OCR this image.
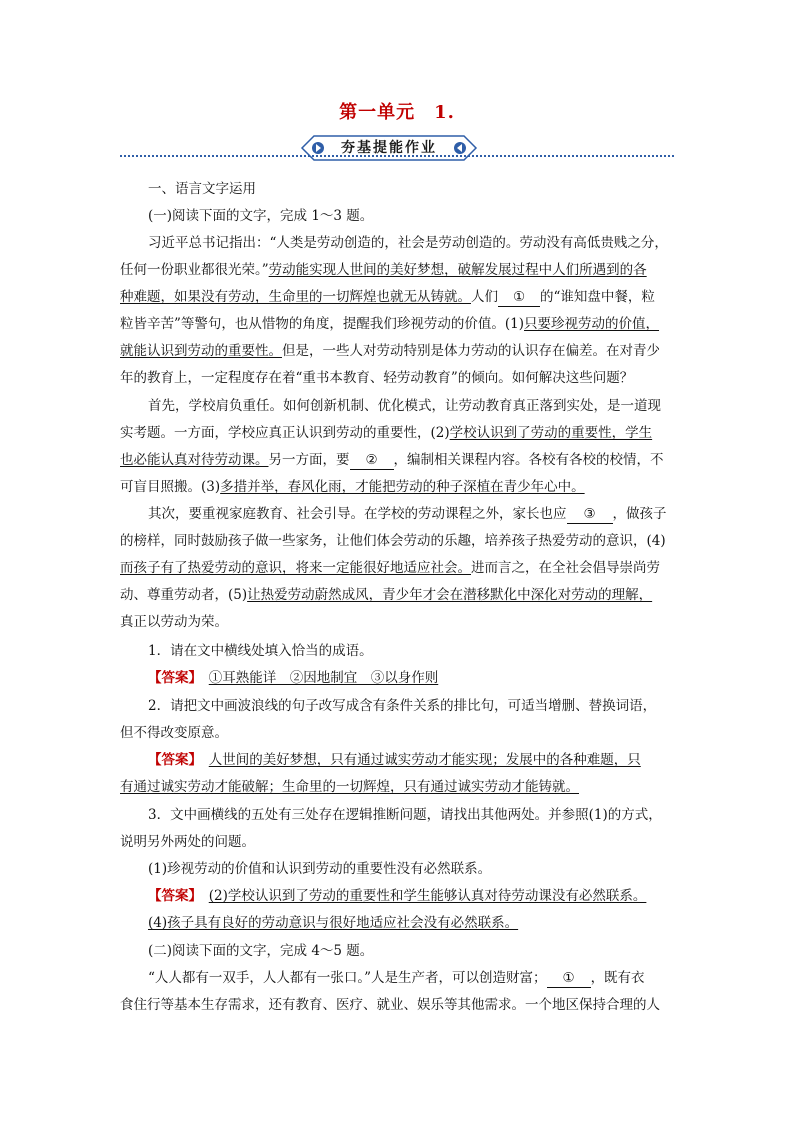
第一单元　1.
夯基提能作业
一、语言文字运用
(一)阅读下面的文字，完成 1～3 题。
习近平总书记指出：“人类是劳动创造的，社会是劳动创造的。劳动没有高低贵贱之分，
任何一份职业都很光荣。”劳动能实现人世间的美好梦想，破解发展过程中人们所遇到的各
种难题，如果没有劳动，生命里的一切辉煌也就无从铸就。人们 ① 的“谁知盘中餐，粒
粒皆辛苦”等警句，也从惜物的角度，提醒我们珍视劳动的价值。(1)只要珍视劳动的价值，
就能认识到劳动的重要性。但是，一些人对劳动特别是体力劳动的认识存在偏差。在对青少
年的教育上，一定程度存在着“重书本教育、轻劳动教育”的倾向。如何解决这些问题？
首先，学校肩负重任。如何创新机制、优化模式，让劳动教育真正落到实处，是一道现
实考题。一方面，学校应真正认识到劳动的重要性，(2)学校认识到了劳动的重要性，学生
也必能认真对待劳动课。另一方面，要 ② ，编制相关课程内容。各校有各校的校情，不
可盲目照搬。(3)多措并举，春风化雨，才能把劳动的种子深植在青少年心中。
其次，要重视家庭教育、社会引导。在学校的劳动课程之外，家长也应 ③ ，做孩子
的榜样，同时鼓励孩子做一些家务，让他们体会劳动的乐趣，培养孩子热爱劳动的意识，(4)
而孩子有了热爱劳动的意识，将来一定能很好地适应社会。进而言之，在全社会倡导崇尚劳
动、尊重劳动者，(5)让热爱劳动蔚然成风，青少年才会在潜移默化中深化对劳动的理解，
真正以劳动为荣。
1．请在文中横线处填入恰当的成语。
【答案】　 ①耳熟能详　②因地制宜　③以身作则
2．请把文中画波浪线的句子改写成含有条件关系的排比句，可适当增删、替换词语，
但不得改变原意。
【答案】　 人世间的美好梦想，只有通过诚实劳动才能实现；发展中的各种难题，只
有通过诚实劳动才能破解；生命里的一切辉煌，只有通过诚实劳动才能铸就。
3．文中画横线的五处有三处存在逻辑推断问题，请找出其他两处。并参照(1)的方式，
说明另外两处的问题。
(1)珍视劳动的价值和认识到劳动的重要性没有必然联系。
【答案】　 (2)学校认识到了劳动的重要性和学生能够认真对待劳动课没有必然联系。
(4)孩子具有良好的劳动意识与很好地适应社会没有必然联系。
(二)阅读下面的文字，完成 4～5 题。
“人人都有一双手，人人都有一张口。”人是生产者，可以创造财富； ① ，既有衣
食住行等基本生存需求，还有教育、医疗、就业、娱乐等其他需求。一个地区保持合理的人
